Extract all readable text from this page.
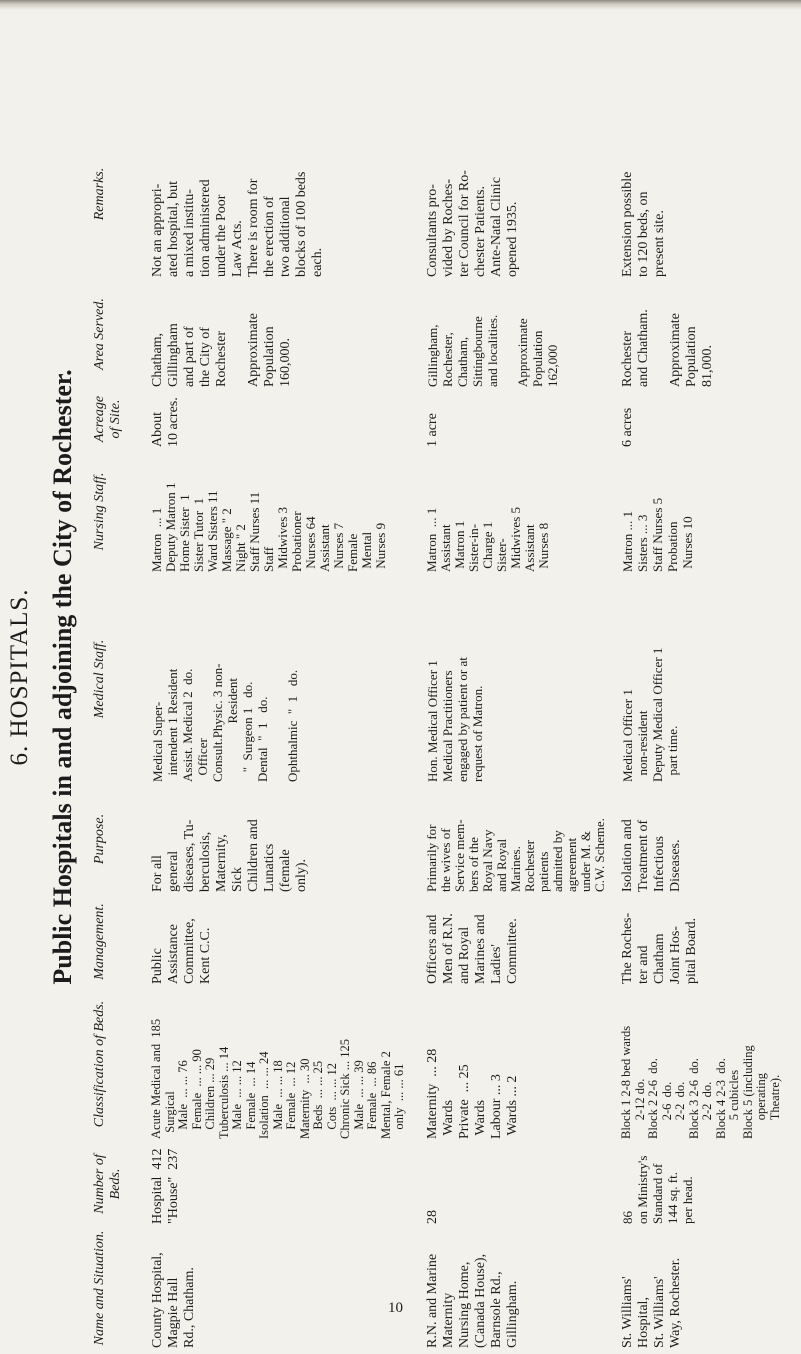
6. HOSPITALS. Public Hospitals in and adjoining the City of Rochester.
Name and Situation.
Number of Beds.
Classification of Beds.
Management.
Purpose.
Medical Staff.
Nursing Staff.
Acreage of Site.
Area Served.
Remarks.
County Hospital,
Magpie Hall
Rd., Chatham.
Hospital  412
"House"  237
Acute Medical and  185
Surgical
Male  ... ... 76
Female  ... ... 90
Children ... 29
Tuberculosis ... 14
Male  ... ... 12
Female  ... 14
Isolation  ... ... 24
Male  ... ... 18
Female  ... 12
Maternity  ... 30
Beds  ... ... 25
Cots  ... ... 12
Chronic Sick ... 125
Male  ... ... 39
Female  ... 86
Mental, Female 2
only  ... ... 61
Public
Assistance
Committee,
Kent C.C.
For all
general
diseases, Tu-
berculosis,
Maternity,
Sick
Children and
Lunatics
(female
only).
Medical Super-
intendent 1 Resident
Assist. Medical 2  do.
Officer
Consult.Physic. 3 non-
Resident
"  Surgeon 1   do.
Dental  "  1   do.

Ophthalmic  "  1   do.
Matron  ... 1
Deputy Matron 1
Home Sister  1
Sister Tutor  1
Ward Sisters 11
Massage " 2
Night " 2
Staff Nurses 11
Staff
Midwives 3
Probationer
Nurses 64
Assistant
Nurses 7
Female
Mental
Nurses 9
About
10 acres.
Chatham,
Gillingham
and part of
the City of
Rochester

Approximate
Population
160,000.
Not an appropri-
ated hospital, but
a mixed institu-
tion administered
under the Poor
Law Acts.
There is room for
the erection of
two additional
blocks of 100 beds
each.
R.N. and Marine
Maternity
Nursing Home,
(Canada House),
Barnsole Rd.,
Gillingham.
28
Maternity  ... 28
Wards
Private  ... 25
Wards
Labour ... 3
Wards ... 2
Officers and
Men of R.N.
and Royal
Marines and
Ladies'
Committee.
Primarily for
the wives of
Service mem-
bers of the
Royal Navy
and Royal
Marines.
Rochester
patients
admitted by
agreement
under M. &
C.W. Scheme.
Hon. Medical Officer 1
Medical Practitioners
engaged by patient or at
request of Matron.
Matron  ... 1
Assistant
Matron 1
Sister-in-
Charge 1
Sister-
Midwives 5
Assistant
Nurses 8
1 acre
Gillingham,
Rochester,
Chatham,
Sittingbourne
and localities.

Approximate
Population
162,000
Consultants pro-
vided by Roches-
ter Council for Ro-
chester Patients.
Ante-Natal Clinic
opened 1935.
St. Williams'
Hospital,
St. Williams'
Way, Rochester.
86
on Ministry's
Standard of
144 sq. ft.
per head.
Block 1 2-8 bed wards
2-12 do.
Block 2 2-6  do.
2-6  do.
2-2  do.
Block 3 2-6  do.
2-2  do.
Block 4 2-3  do.
5 cubicles
Block 5 (including
operating
Theatre).
The Roches-
ter and
Chatham
Joint Hos-
pital Board.
Isolation and
Treatment of
Infectious
Diseases.
Medical Officer 1
non-resident
Deputy Medical Officer 1
part time.
Matron ... 1
Sisters ... 3
Staff Nurses 5
Probation
Nurses 10
6 acres
Rochester
and Chatham.

Approximate
Population
81,000.
Extension possible
to 120 beds, on
present site.
10
